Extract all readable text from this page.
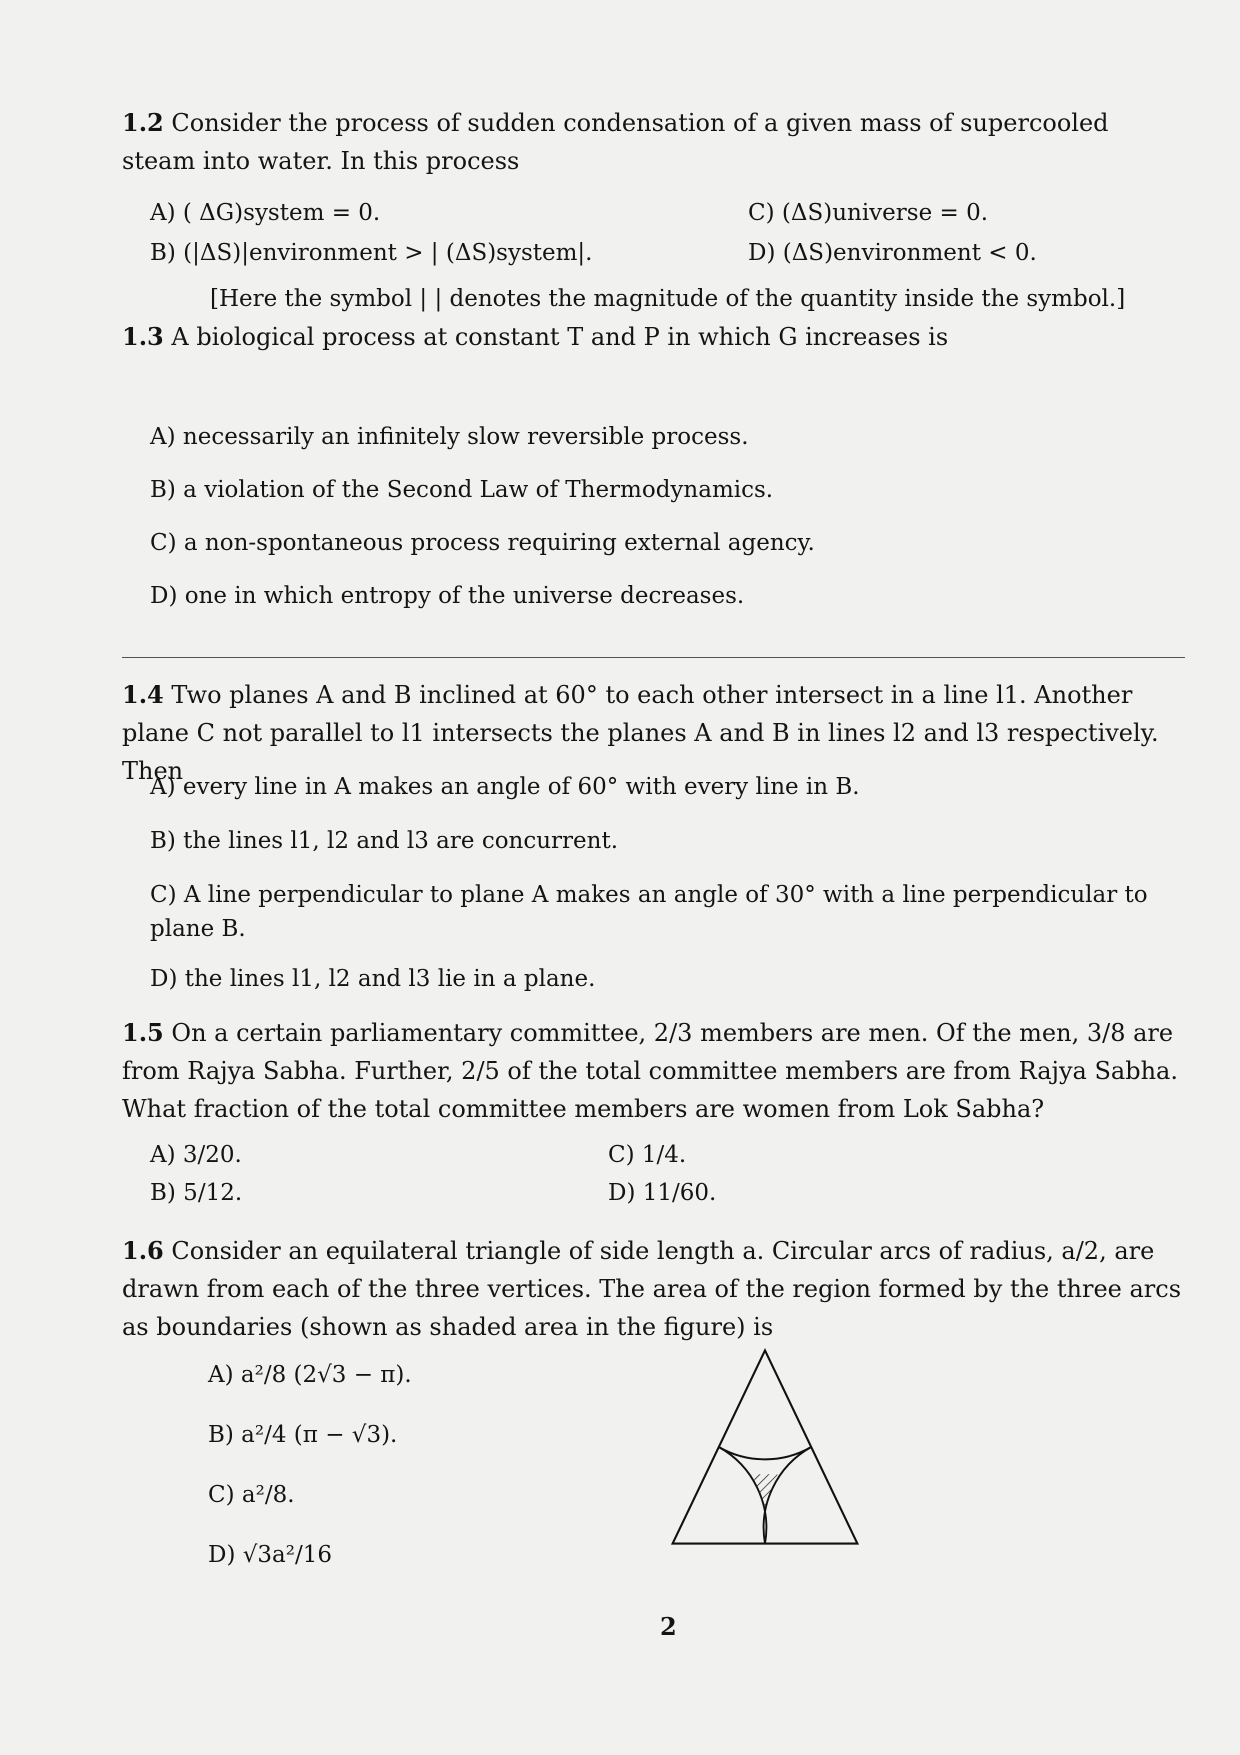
1.2 Consider the process of sudden condensation of a given mass of supercooled steam into water. In this process
A) ( ΔG)system = 0.	C) (ΔS)universe = 0.
B) (|ΔS)|environment > | (ΔS)system|.	D) (ΔS)environment < 0.
[Here the symbol | | denotes the magnitude of the quantity inside the symbol.]
1.3 A biological process at constant T and P in which G increases is
A) necessarily an infinitely slow reversible process.
B) a violation of the Second Law of Thermodynamics.
C) a non-spontaneous process requiring external agency.
D) one in which entropy of the universe decreases.
1.4 Two planes A and B inclined at 60° to each other intersect in a line l1. Another plane C not parallel to l1 intersects the planes A and B in lines l2 and l3 respectively. Then
A) every line in A makes an angle of 60° with every line in B.
B) the lines l1, l2 and l3 are concurrent.
C) A line perpendicular to plane A makes an angle of 30° with a line perpendicular to plane B.
D) the lines l1, l2 and l3 lie in a plane.
1.5 On a certain parliamentary committee, 2/3 members are men. Of the men, 3/8 are from Rajya Sabha. Further, 2/5 of the total committee members are from Rajya Sabha. What fraction of the total committee members are women from Lok Sabha?
A) 3/20.	C) 1/4.
B) 5/12.	D) 11/60.
1.6 Consider an equilateral triangle of side length a. Circular arcs of radius, a/2, are drawn from each of the three vertices. The area of the region formed by the three arcs as boundaries (shown as shaded area in the figure) is
A) a²/8 (2√3 − π).
B) a²/4 (π − √3).
C) a²/8.
D) √3a²/16
2
